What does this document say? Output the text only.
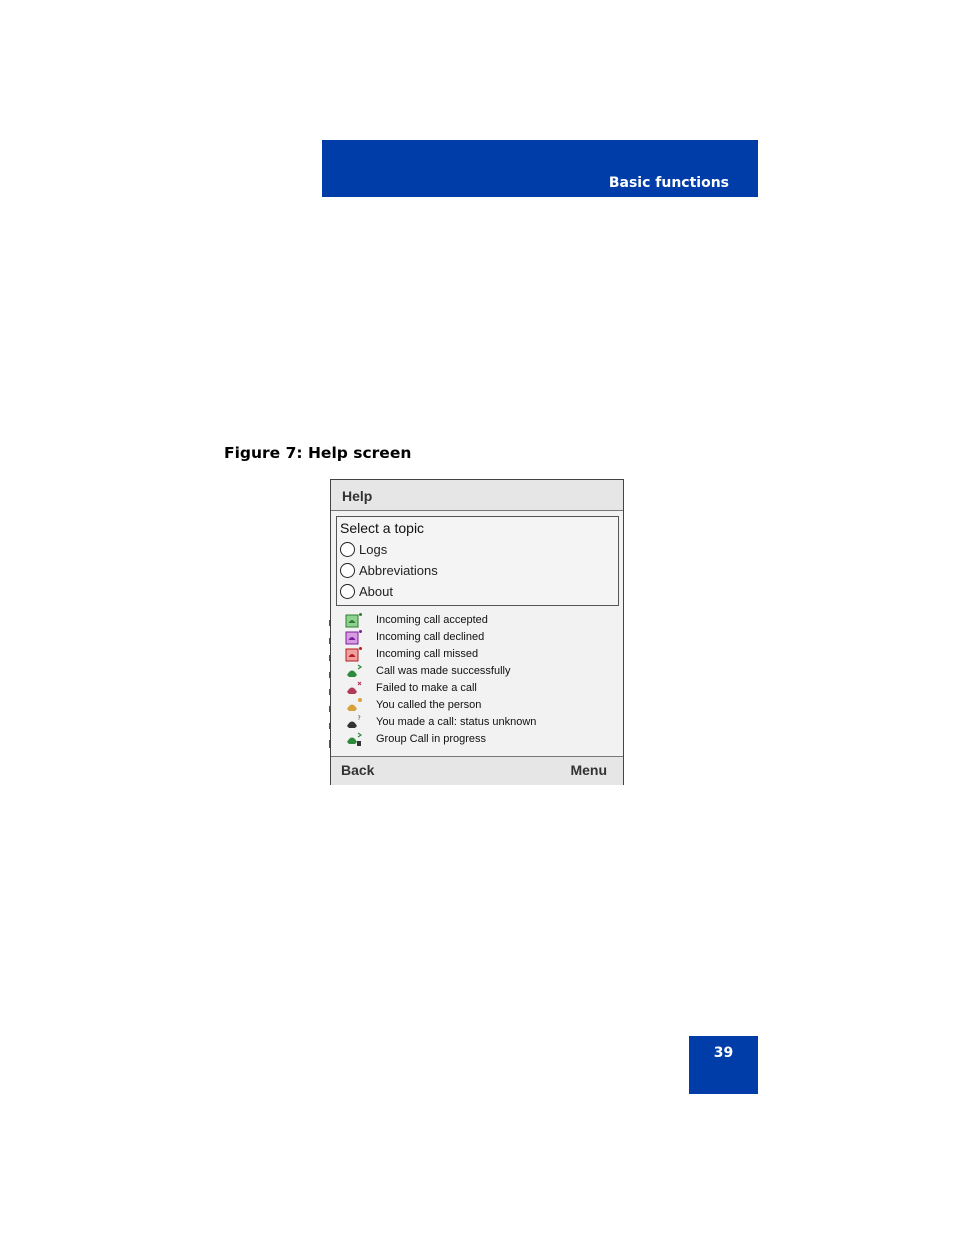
Basic functions
Figure 7: Help screen
Help
Select a topic
Logs
Abbreviations
About
Incoming call accepted
Incoming call declined
Incoming call missed
Call was made successfully
Failed to make a call
You called the person
? You made a call: status unknown
Group Call in progress
Back	Menu
39
